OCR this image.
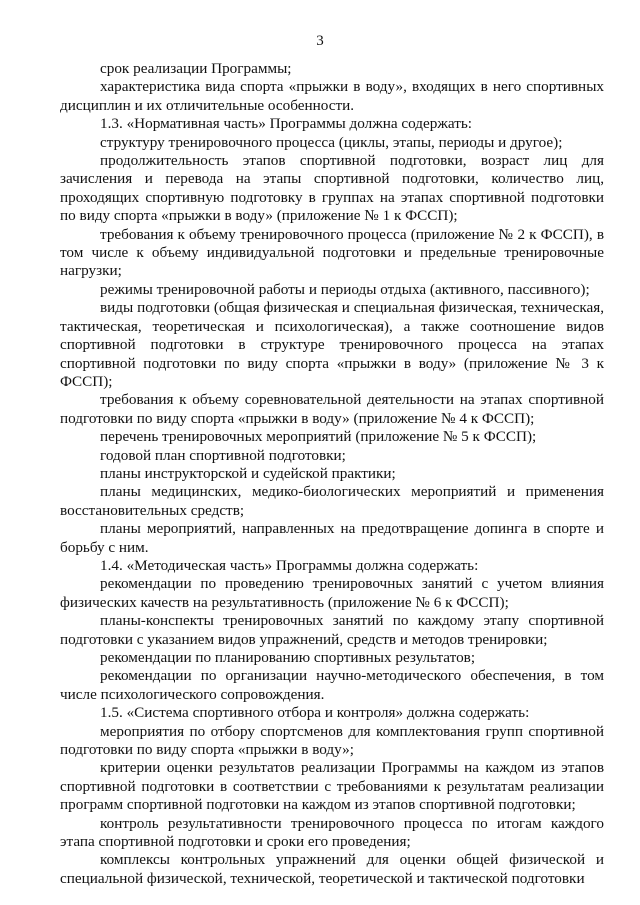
3

срок реализации Программы;

характеристика вида спорта «прыжки в воду», входящих в него спортивных дисциплин и их отличительные особенности.

1.3. «Нормативная часть» Программы должна содержать:

структуру тренировочного процесса (циклы, этапы, периоды и другое);

продолжительность этапов спортивной подготовки, возраст лиц для зачисления и перевода на этапы спортивной подготовки, количество лиц, проходящих спортивную подготовку в группах на этапах спортивной подготовки по виду спорта «прыжки в воду» (приложение № 1 к ФССП);

требования к объему тренировочного процесса (приложение № 2 к ФССП), в том числе к объему индивидуальной подготовки и предельные тренировочные нагрузки;

режимы тренировочной работы и периоды отдыха (активного, пассивного);

виды подготовки (общая физическая и специальная физическая, техническая, тактическая, теоретическая и психологическая), а также соотношение видов спортивной подготовки в структуре тренировочного процесса на этапах спортивной подготовки по виду спорта «прыжки в воду» (приложение № 3 к ФССП);

требования к объему соревновательной деятельности на этапах спортивной подготовки по виду спорта «прыжки в воду» (приложение № 4 к ФССП);

перечень тренировочных мероприятий (приложение № 5 к ФССП);

годовой план спортивной подготовки;

планы инструкторской и судейской практики;

планы медицинских, медико-биологических мероприятий и применения восстановительных средств;

планы мероприятий, направленных на предотвращение допинга в спорте и борьбу с ним.

1.4. «Методическая часть» Программы должна содержать:

рекомендации по проведению тренировочных занятий с учетом влияния физических качеств на результативность (приложение № 6 к ФССП);

планы-конспекты тренировочных занятий по каждому этапу спортивной подготовки с указанием видов упражнений, средств и методов тренировки;

рекомендации по планированию спортивных результатов;

рекомендации по организации научно-методического обеспечения, в том числе психологического сопровождения.

1.5. «Система спортивного отбора и контроля» должна содержать:

мероприятия по отбору спортсменов для комплектования групп спортивной подготовки по виду спорта «прыжки в воду»;

критерии оценки результатов реализации Программы на каждом из этапов спортивной подготовки в соответствии с требованиями к результатам реализации программ спортивной подготовки на каждом из этапов спортивной подготовки;

контроль результативности тренировочного процесса по итогам каждого этапа спортивной подготовки и сроки его проведения;

комплексы контрольных упражнений для оценки общей физической и специальной физической, технической, теоретической и тактической подготовки
